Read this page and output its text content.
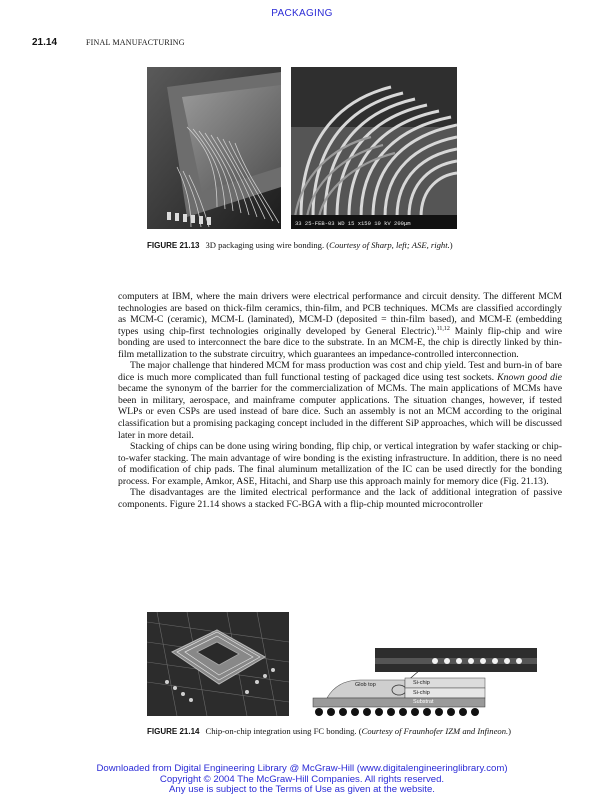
PACKAGING
21.14	FINAL MANUFACTURING
33 25-FEB-03 WD 15 x150 10 kV 200μm
FIGURE 21.13 3D packaging using wire bonding. (Courtesy of Sharp, left; ASE, right.)

computers at IBM, where the main drivers were electrical performance and circuit density. The different MCM technologies are based on thick-film ceramics, thin-film, and PCB techniques. MCMs are classified accordingly as MCM-C (ceramic), MCM-L (laminated), MCM-D (deposited = thin-film based), and MCM-E (embedding types using chip-first technologies originally developed by General Electric).$^{11,12}$ Mainly flip-chip and wire bonding are used to interconnect the bare dice to the substrate. In an MCM-E, the chip is directly linked by thin-film metallization to the substrate circuitry, which guarantees an impedance-controlled interconnection.

The major challenge that hindered MCM for mass production was cost and chip yield. Test and burn-in of bare dice is much more complicated than full functional testing of packaged dice using test sockets. Known good die became the synonym of the barrier for the commercialization of MCMs. The main applications of MCMs have been in military, aerospace, and mainframe computer applications. The situation changes, however, if tested WLPs or even CSPs are used instead of bare dice. Such an assembly is not an MCM according to the original classification but a promising packaging concept included in the different SiP approaches, which will be discussed later in more detail.

Stacking of chips can be done using wiring bonding, flip chip, or vertical integration by wafer stacking or chip-to-wafer stacking. The main advantage of wire bonding is the existing infrastructure. In addition, there is no need of modification of chip pads. The final aluminum metallization of the IC can be used directly for the bonding process. For example, Amkor, ASE, Hitachi, and Sharp use this approach mainly for memory dice (Fig. 21.13).

The disadvantages are the limited electrical performance and the lack of additional integration of passive components. Figure 21.14 shows a stacked FC-BGA with a flip-chip mounted microcontroller

Glob top	Si-chip
Si-chip
Substrat
FIGURE 21.14 Chip-on-chip integration using FC bonding. (Courtesy of Fraunhofer IZM and Infineon.)
Downloaded from Digital Engineering Library @ McGraw-Hill (www.digitalengineeringlibrary.com)
Copyright © 2004 The McGraw-Hill Companies. All rights reserved.
Any use is subject to the Terms of Use as given at the website.
